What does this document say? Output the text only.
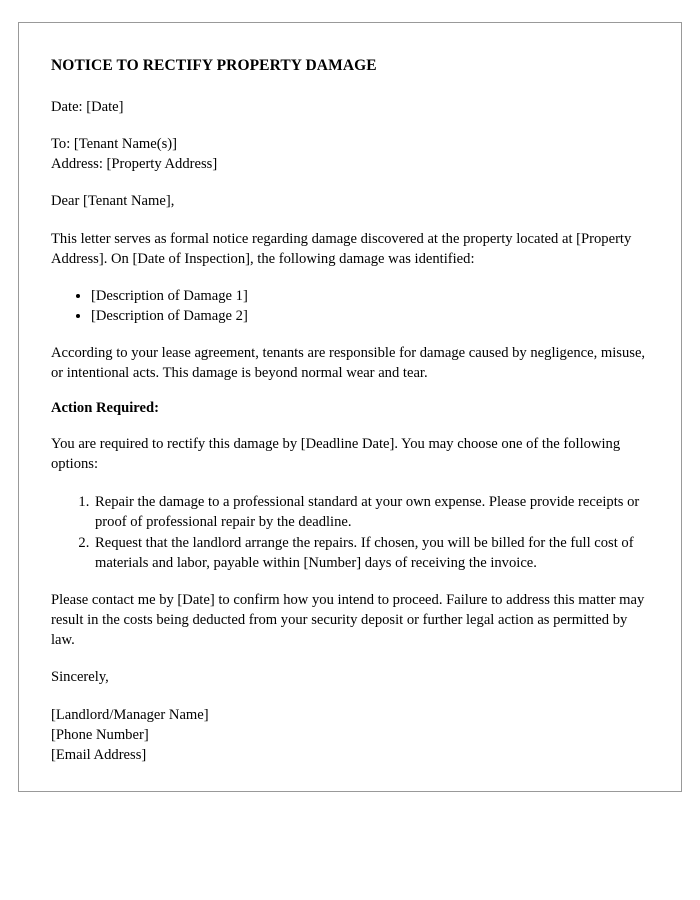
NOTICE TO RECTIFY PROPERTY DAMAGE

Date: [Date]

To: [Tenant Name(s)]
Address: [Property Address]

Dear [Tenant Name],

This letter serves as formal notice regarding damage discovered at the property located at [Property Address]. On [Date of Inspection], the following damage was identified:

• [Description of Damage 1]
• [Description of Damage 2]

According to your lease agreement, tenants are responsible for damage caused by negligence, misuse, or intentional acts. This damage is beyond normal wear and tear.

Action Required:

You are required to rectify this damage by [Deadline Date]. You may choose one of the following options:

1. Repair the damage to a professional standard at your own expense. Please provide receipts or proof of professional repair by the deadline.
2. Request that the landlord arrange the repairs. If chosen, you will be billed for the full cost of materials and labor, payable within [Number] days of receiving the invoice.

Please contact me by [Date] to confirm how you intend to proceed. Failure to address this matter may result in the costs being deducted from your security deposit or further legal action as permitted by law.

Sincerely,

[Landlord/Manager Name]
[Phone Number]
[Email Address]
